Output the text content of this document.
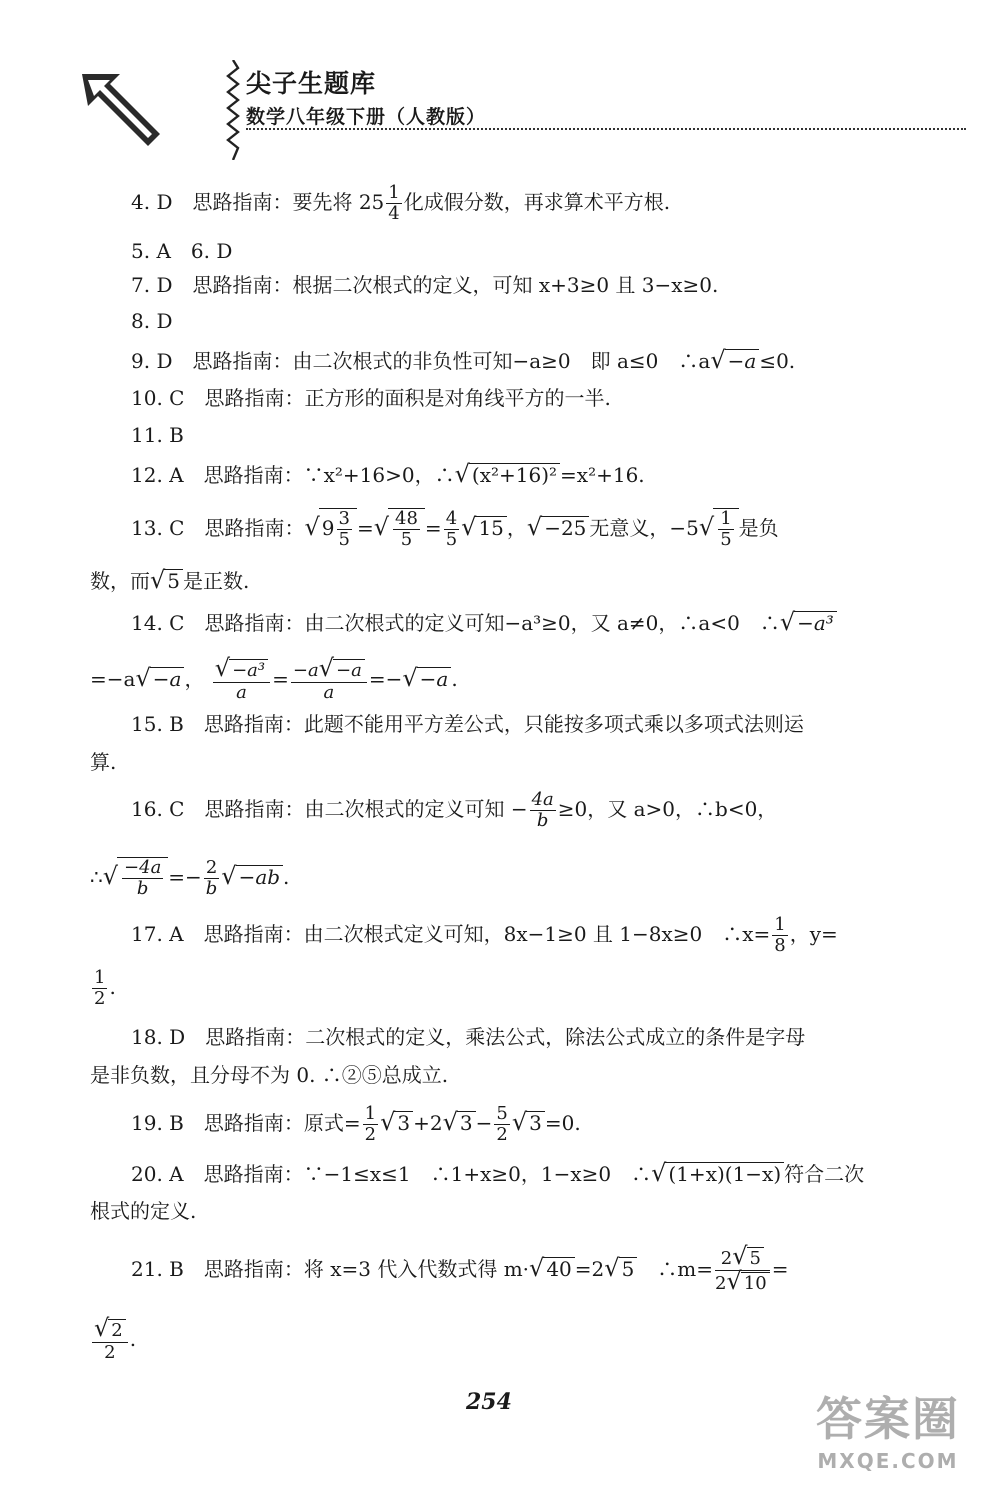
尖子生题库
数学八年级下册（人教版）
4. D　思路指南：要先将 $25 \frac{1}{4}$ 化成假分数，再求算术平方根.
5. A　6. D
7. D　思路指南：根据二次根式的定义，可知 x+3≥0 且 3−x≥0.
8. D
9. D　思路指南：由二次根式的非负性可知−a≥0　即 a≤0　∴a√ −a ≤0.
10. C　思路指南：正方形的面积是对角线平方的一半.
11. B
12. A　思路指南：∵x²+16>0，∴√ (x²+16)² =x²+16.
13. C　思路指南：√ $9 \frac{3}{5}$ =√ $\frac{48}{5} = \frac{4}{5}$ √ 15 ，√ −25 无意义，$-5√ \frac{1}{5}$ 是负
数，而√ 5 是正数.
14. C　思路指南：由二次根式的定义可知−a³≥0，又 a≠0，∴a<0　∴√ −a³
=−a√ −a ， $\frac{\text{√ −a³}}{a} = \frac{-a√ -a}{a}$ =−√ −a .
15. B　思路指南：此题不能用平方差公式，只能按多项式乘以多项式法则运
算.
16. C　思路指南：由二次根式的定义可知 − $\frac{4a}{b} \ge 0$，又 a>0，∴b<0，
∴√ $\frac{-4a}{b} =- \frac{2}{b}$ √ −ab .
17. A　思路指南：由二次根式定义可知，8x−1≥0 且 1−8x≥0　∴x= $\frac{1}{8}$ ，y=
$\frac{1}{2}$ .
18. D　思路指南：二次根式的定义，乘法公式，除法公式成立的条件是字母
是非负数，且分母不为 0. ∴②⑤总成立.
19. B　思路指南：原式= $\frac{1}{2}$ √ 3 +2√ $3 - \frac{5}{2}$ √ 3 =0.
20. A　思路指南：∵−1≤x≤1　∴1+x≥0，1−x≥0　∴√ (1+x)(1−x) 符合二次
根式的定义.
21. B　思路指南：将 x=3 代入代数式得 m·√ 40 =2√ 5　 ∴m= $\frac{2√ 5}{2√ 10}$ =
$\frac{√ 2}{2}$ .
254	答案圈
MXQE.COM
